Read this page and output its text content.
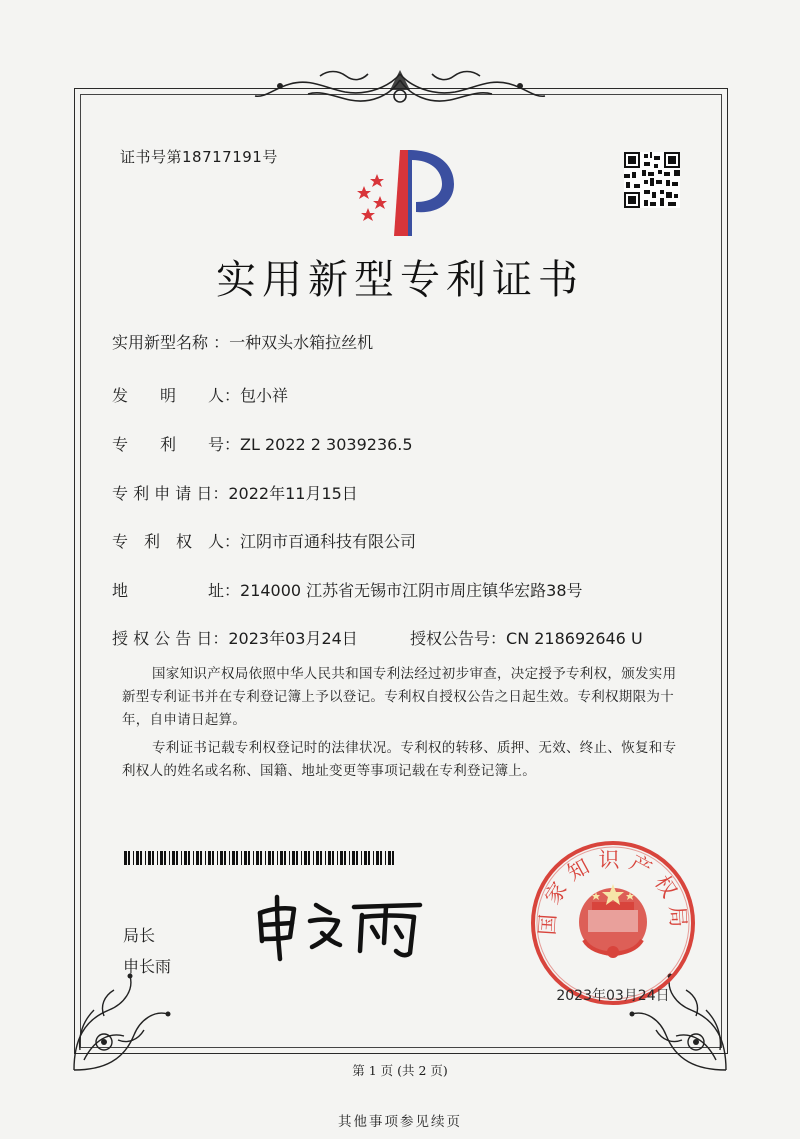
证书号第18717191号
实用新型专利证书
实用新型名称 ：一种双头水箱拉丝机
发　　明　　人：包小祥
专　　利　　号：ZL 2022 2 3039236.5
专 利 申 请 日：2022年11月15日
专　利　权　人：江阴市百通科技有限公司
地　　　　　址：214000 江苏省无锡市江阴市周庄镇华宏路38号
授 权 公 告 日：2023年03月24日	授权公告号：CN 218692646 U
国家知识产权局依照中华人民共和国专利法经过初步审查，决定授予专利权，颁发实用新型专利证书并在专利登记簿上予以登记。专利权自授权公告之日起生效。专利权期限为十年，自申请日起算。
专利证书记载专利权登记时的法律状况。专利权的转移、质押、无效、终止、恢复和专利权人的姓名或名称、国籍、地址变更等事项记载在专利登记簿上。
局长
申长雨
国家知识产权局
2023年03月24日
第 1 页 (共 2 页)
其他事项参见续页
